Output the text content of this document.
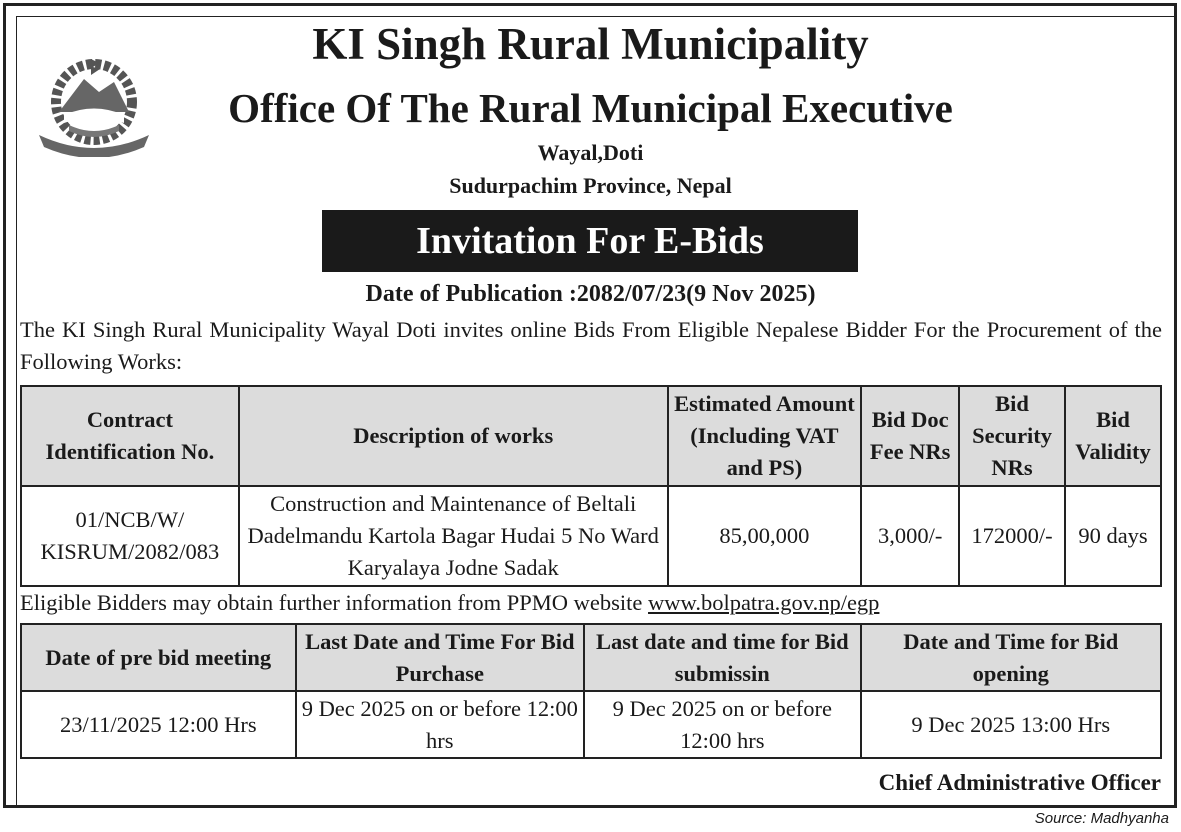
KI Singh Rural Municipality
Office Of The Rural Municipal Executive
Wayal,Doti
Sudurpachim Province, Nepal
Invitation For E-Bids
Date of Publication :2082/07/23(9 Nov 2025)
The KI Singh Rural Municipality Wayal Doti invites online Bids From Eligible Nepalese Bidder For the Procurement of the Following Works:
Contract Identification No.	Description of works	Estimated Amount (Including VAT and PS)	Bid Doc Fee NRs	Bid Security NRs	Bid Validity
01/NCB/W/ KISRUM/2082/083	Construction and Maintenance of Beltali Dadelmandu Kartola Bagar Hudai 5 No Ward Karyalaya Jodne Sadak	85,00,000	3,000/-	172000/-	90 days
Eligible Bidders may obtain further information from PPMO website www.bolpatra.gov.np/egp
Date of pre bid meeting	Last Date and Time For Bid Purchase	Last date and time for Bid submissin	Date and Time for Bid opening
23/11/2025 12:00 Hrs	9 Dec 2025 on or before 12:00 hrs	9 Dec 2025 on or before 12:00 hrs	9 Dec 2025 13:00 Hrs
Chief Administrative Officer
Source: Madhyanha
